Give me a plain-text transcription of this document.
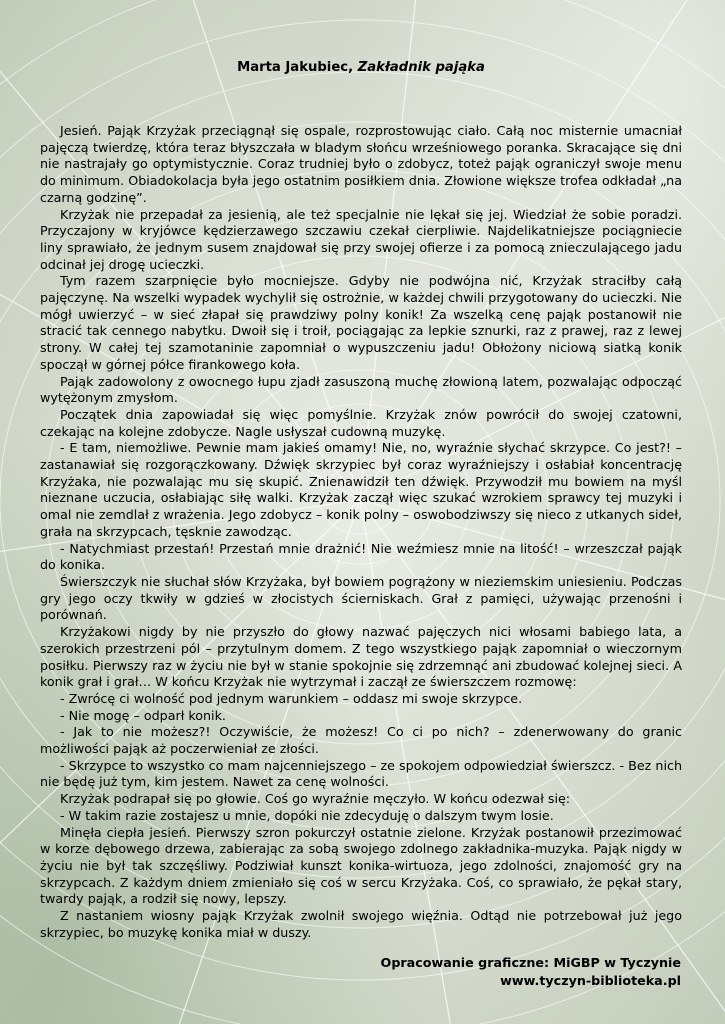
Marta Jakubiec, Zakładnik pająka

Jesień. Pająk Krzyżak przeciągnął się ospale, rozprostowując ciało. Całą noc misternie umacniał pajęczą twierdzę, która teraz błyszczała w bladym słońcu wrześniowego poranka. Skracające się dni nie nastrajały go optymistycznie. Coraz trudniej było o zdobycz, toteż pająk ograniczył swoje menu do minimum. Obiadokolacja była jego ostatnim posiłkiem dnia. Złowione większe trofea odkładał „na czarną godzinę”.

Krzyżak nie przepadał za jesienią, ale też specjalnie nie lękał się jej. Wiedział że sobie poradzi. Przyczajony w kryjówce kędzierzawego szczawiu czekał cierpliwie. Najdelikatniejsze pociągniecie liny sprawiało, że jednym susem znajdował się przy swojej ofierze i za pomocą znieczulającego jadu odcinał jej drogę ucieczki.

Tym razem szarpnięcie było mocniejsze. Gdyby nie podwójna nić, Krzyżak straciłby całą pajęczynę. Na wszelki wypadek wychylił się ostrożnie, w każdej chwili przygotowany do ucieczki. Nie mógł uwierzyć – w sieć złapał się prawdziwy polny konik! Za wszelką cenę pająk postanowił nie stracić tak cennego nabytku. Dwoił się i troił, pociągając za lepkie sznurki, raz z prawej, raz z lewej strony. W całej tej szamotaninie zapomniał o wypuszczeniu jadu! Obłożony niciową siatką konik spoczął w górnej półce firankowego koła.

Pająk zadowolony z owocnego łupu zjadł zasuszoną muchę złowioną latem, pozwalając odpocząć wytężonym zmysłom.

Początek dnia zapowiadał się więc pomyślnie. Krzyżak znów powrócił do swojej czatowni, czekając na kolejne zdobycze. Nagle usłyszał cudowną muzykę.

- E tam, niemożliwe. Pewnie mam jakieś omamy! Nie, no, wyraźnie słychać skrzypce. Co jest?! – zastanawiał się rozgorączkowany. Dźwięk skrzypiec był coraz wyraźniejszy i osłabiał koncentrację Krzyżaka, nie pozwalając mu się skupić. Znienawidził ten dźwięk. Przywodził mu bowiem na myśl nieznane uczucia, osłabiając siłę walki. Krzyżak zaczął więc szukać wzrokiem sprawcy tej muzyki i omal nie zemdlał z wrażenia. Jego zdobycz – konik polny – oswobodziwszy się nieco z utkanych sideł, grała na skrzypcach, tęsknie zawodząc.

- Natychmiast przestań! Przestań mnie drażnić! Nie weźmiesz mnie na litość! – wrzeszczał pająk do konika.

Świerszczyk nie słuchał słów Krzyżaka, był bowiem pogrążony w nieziemskim uniesieniu. Podczas gry jego oczy tkwiły w gdzieś w złocistych ścierniskach. Grał z pamięci, używając przenośni i porównań.

Krzyżakowi nigdy by nie przyszło do głowy nazwać pajęczych nici włosami babiego lata, a szerokich przestrzeni pól – przytulnym domem. Z tego wszystkiego pająk zapomniał o wieczornym posiłku. Pierwszy raz w życiu nie był w stanie spokojnie się zdrzemnąć ani zbudować kolejnej sieci. A konik grał i grał… W końcu Krzyżak nie wytrzymał i zaczął ze świerszczem rozmowę:

- Zwrócę ci wolność pod jednym warunkiem – oddasz mi swoje skrzypce.

- Nie mogę – odparł konik.

- Jak to nie możesz?! Oczywiście, że możesz! Co ci po nich? – zdenerwowany do granic możliwości pająk aż poczerwieniał ze złości.

- Skrzypce to wszystko co mam najcenniejszego – ze spokojem odpowiedział świerszcz. - Bez nich nie będę już tym, kim jestem. Nawet za cenę wolności.

Krzyżak podrapał się po głowie. Coś go wyraźnie męczyło. W końcu odezwał się:

- W takim razie zostajesz u mnie, dopóki nie zdecyduję o dalszym twym losie.

Minęła ciepła jesień. Pierwszy szron pokurczył ostatnie zielone. Krzyżak postanowił przezimować w korze dębowego drzewa, zabierając za sobą swojego zdolnego zakładnika-muzyka. Pająk nigdy w życiu nie był tak szczęśliwy. Podziwiał kunszt konika-wirtuoza, jego zdolności, znajomość gry na skrzypcach. Z każdym dniem zmieniało się coś w sercu Krzyżaka. Coś, co sprawiało, że pękał stary, twardy pająk, a rodził się nowy, lepszy.

Z nastaniem wiosny pająk Krzyżak zwolnił swojego więźnia. Odtąd nie potrzebował już jego skrzypiec, bo muzykę konika miał w duszy.

Opracowanie graficzne: MiGBP w Tyczynie
www.tyczyn-biblioteka.pl
